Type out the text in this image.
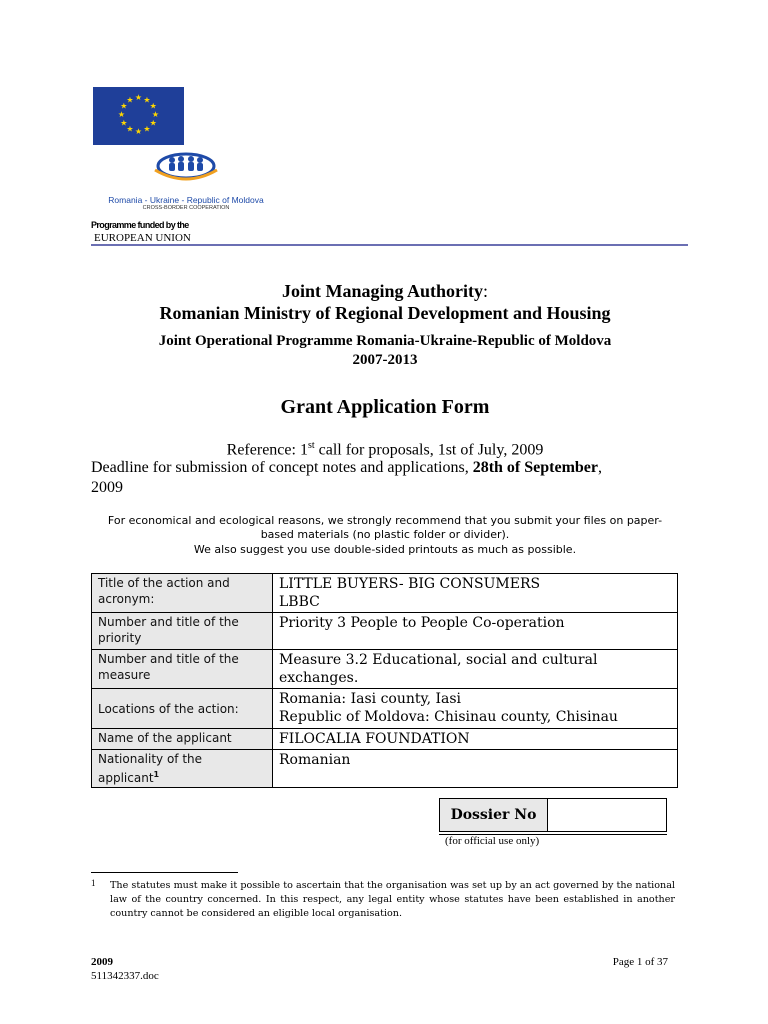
★ ★
★
★
★
★
★
★
★
★
★
★
Romania - Ukraine - Republic of Moldova
CROSS-BORDER COOPERATION
Programme funded by the
EUROPEAN UNION
Joint Managing Authority:
Romanian Ministry of Regional Development and Housing
Joint Operational Programme Romania-Ukraine-Republic of Moldova
2007-2013
Grant Application Form
Reference: 1st call for proposals, 1st of July, 2009
Deadline for submission of concept notes and applications, 28th of September,
2009
For economical and ecological reasons, we strongly recommend that you submit your files on paper-
based materials (no plastic folder or divider).
We also suggest you use double-sided printouts as much as possible.
Title of the action and acronym:	LITTLE BUYERS- BIG CONSUMERS
LBBC

Number and title of the priority	Priority 3 People to People Co-operation
Number and title of the measure	Measure 3.2 Educational, social and cultural exchanges.
Locations of the action:	Romania: Iasi county, Iasi
Republic of Moldova: Chisinau county, Chisinau

Name of the applicant	FILOCALIA FOUNDATION
Nationality of the applicant$^1$	Romanian
Dossier No	
(for official use only)
1 The statutes must make it possible to ascertain that the organisation was set up by an act governed by the national law of the country concerned. In this respect, any legal entity whose statutes have been established in another country cannot be considered an eligible local organisation.
2009
511342337.doc
Page 1 of 37
